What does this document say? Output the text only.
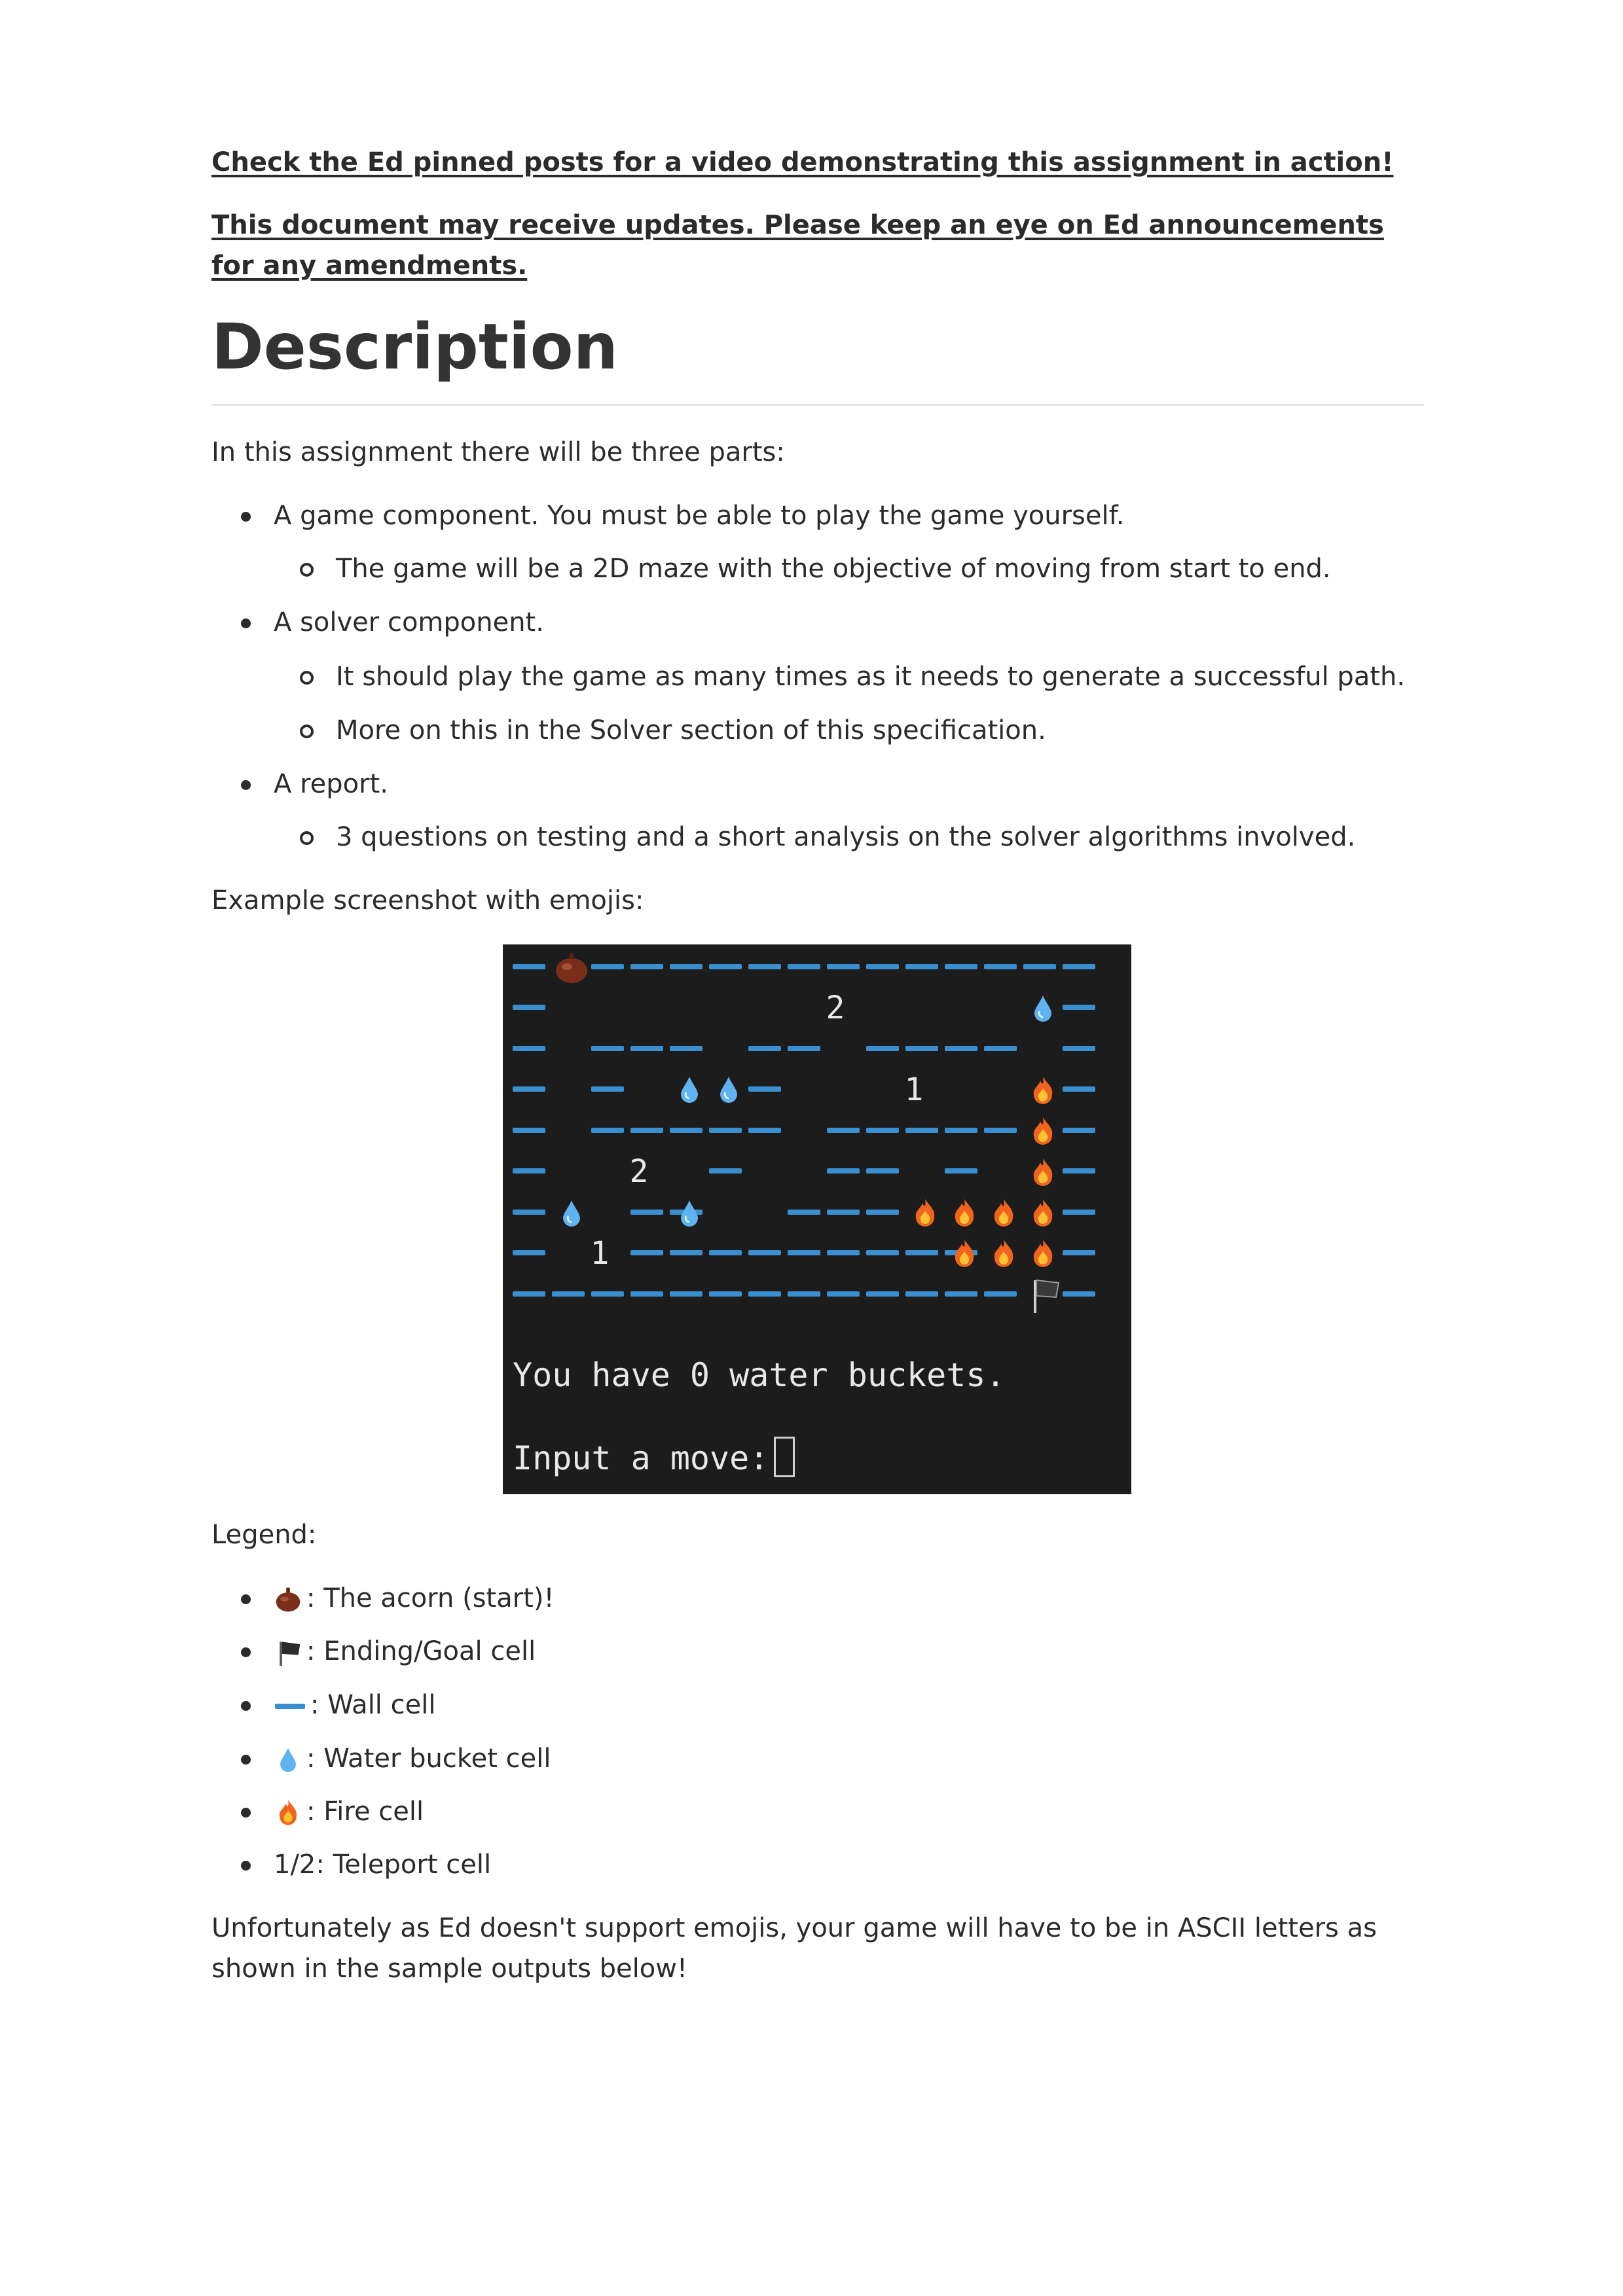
Check the Ed pinned posts for a video demonstrating this assignment in action!

This document may receive updates. Please keep an eye on Ed announcements for any amendments.

Description

In this assignment there will be three parts:

A game component. You must be able to play the game yourself.
The game will be a 2D maze with the objective of moving from start to end.
A solver component.
It should play the game as many times as it needs to generate a successful path.
More on this in the Solver section of this specification.
A report.
3 questions on testing and a short analysis on the solver algorithms involved.

Example screenshot with emojis:

2
1
2
1
You have 0 water buckets.
Input a move:

Legend:

: The acorn (start)!
: Ending/Goal cell
: Wall cell
: Water bucket cell
: Fire cell
1/2: Teleport cell

Unfortunately as Ed doesn't support emojis, your game will have to be in ASCII letters as shown in the sample outputs below!
